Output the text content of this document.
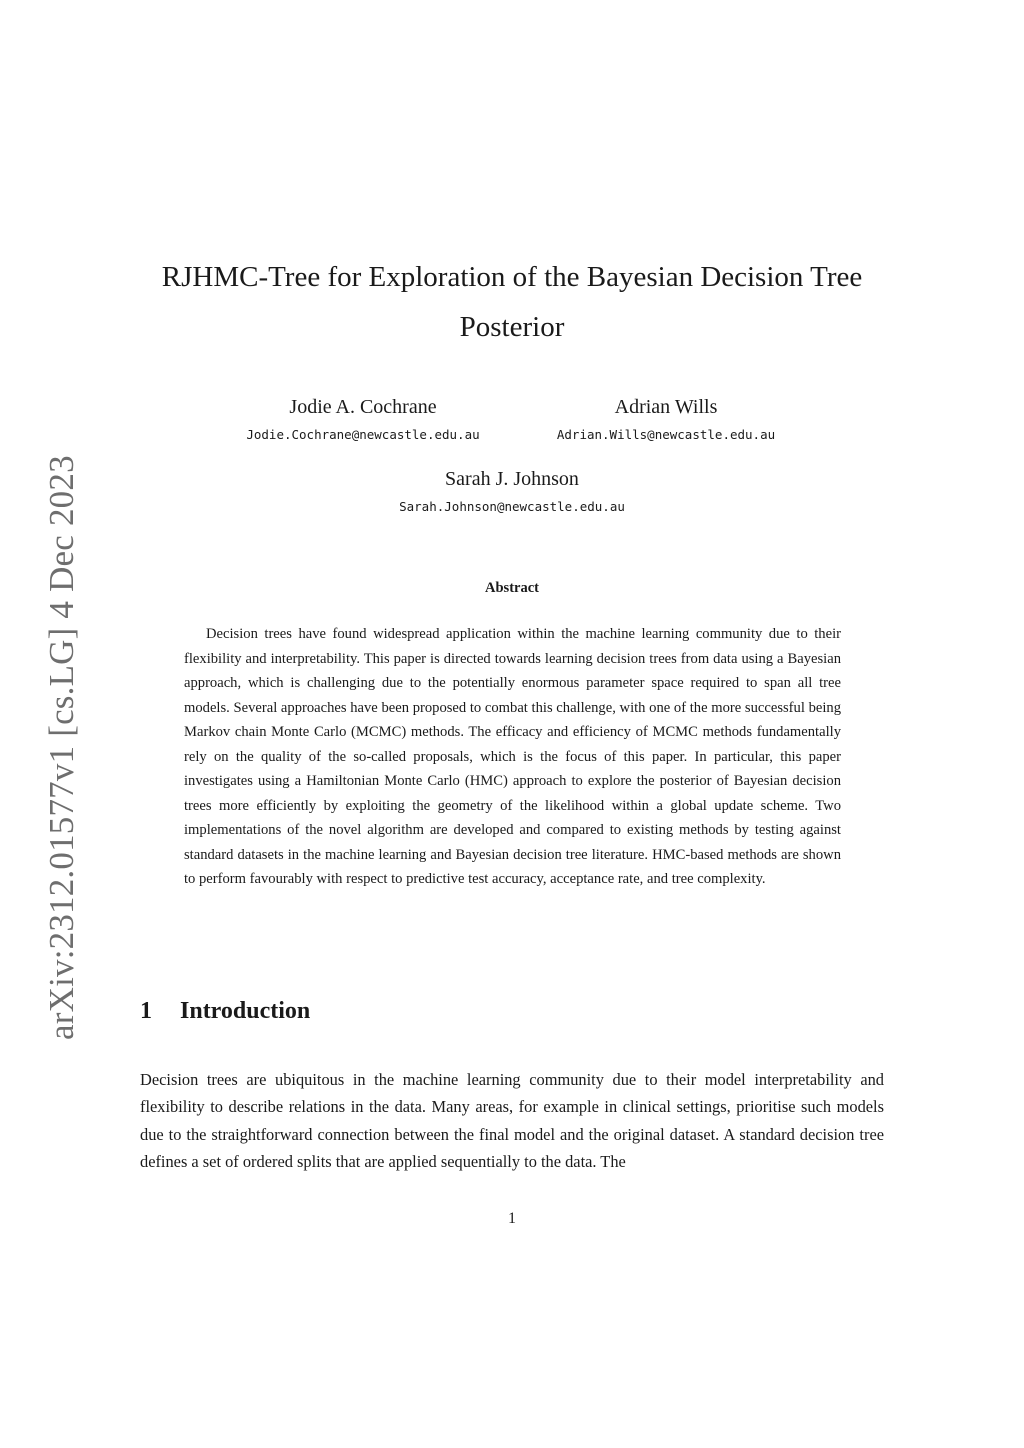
arXiv:2312.01577v1 [cs.LG] 4 Dec 2023
RJHMC-Tree for Exploration of the Bayesian Decision Tree Posterior
Jodie A. Cochrane
Jodie.Cochrane@newcastle.edu.au
Adrian Wills
Adrian.Wills@newcastle.edu.au
Sarah J. Johnson
Sarah.Johnson@newcastle.edu.au
Abstract

Decision trees have found widespread application within the machine learning community due to their flexibility and interpretability. This paper is directed towards learning decision trees from data using a Bayesian approach, which is challenging due to the potentially enormous parameter space required to span all tree models. Several approaches have been proposed to combat this challenge, with one of the more successful being Markov chain Monte Carlo (MCMC) methods. The efficacy and efficiency of MCMC methods fundamentally rely on the quality of the so-called proposals, which is the focus of this paper. In particular, this paper investigates using a Hamiltonian Monte Carlo (HMC) approach to explore the posterior of Bayesian decision trees more efficiently by exploiting the geometry of the likelihood within a global update scheme. Two implementations of the novel algorithm are developed and compared to existing methods by testing against standard datasets in the machine learning and Bayesian decision tree literature. HMC-based methods are shown to perform favourably with respect to predictive test accuracy, acceptance rate, and tree complexity.

1 Introduction

Decision trees are ubiquitous in the machine learning community due to their model interpretability and flexibility to describe relations in the data. Many areas, for example in clinical settings, prioritise such models due to the straightforward connection between the final model and the original dataset. A standard decision tree defines a set of ordered splits that are applied sequentially to the data. The

1
